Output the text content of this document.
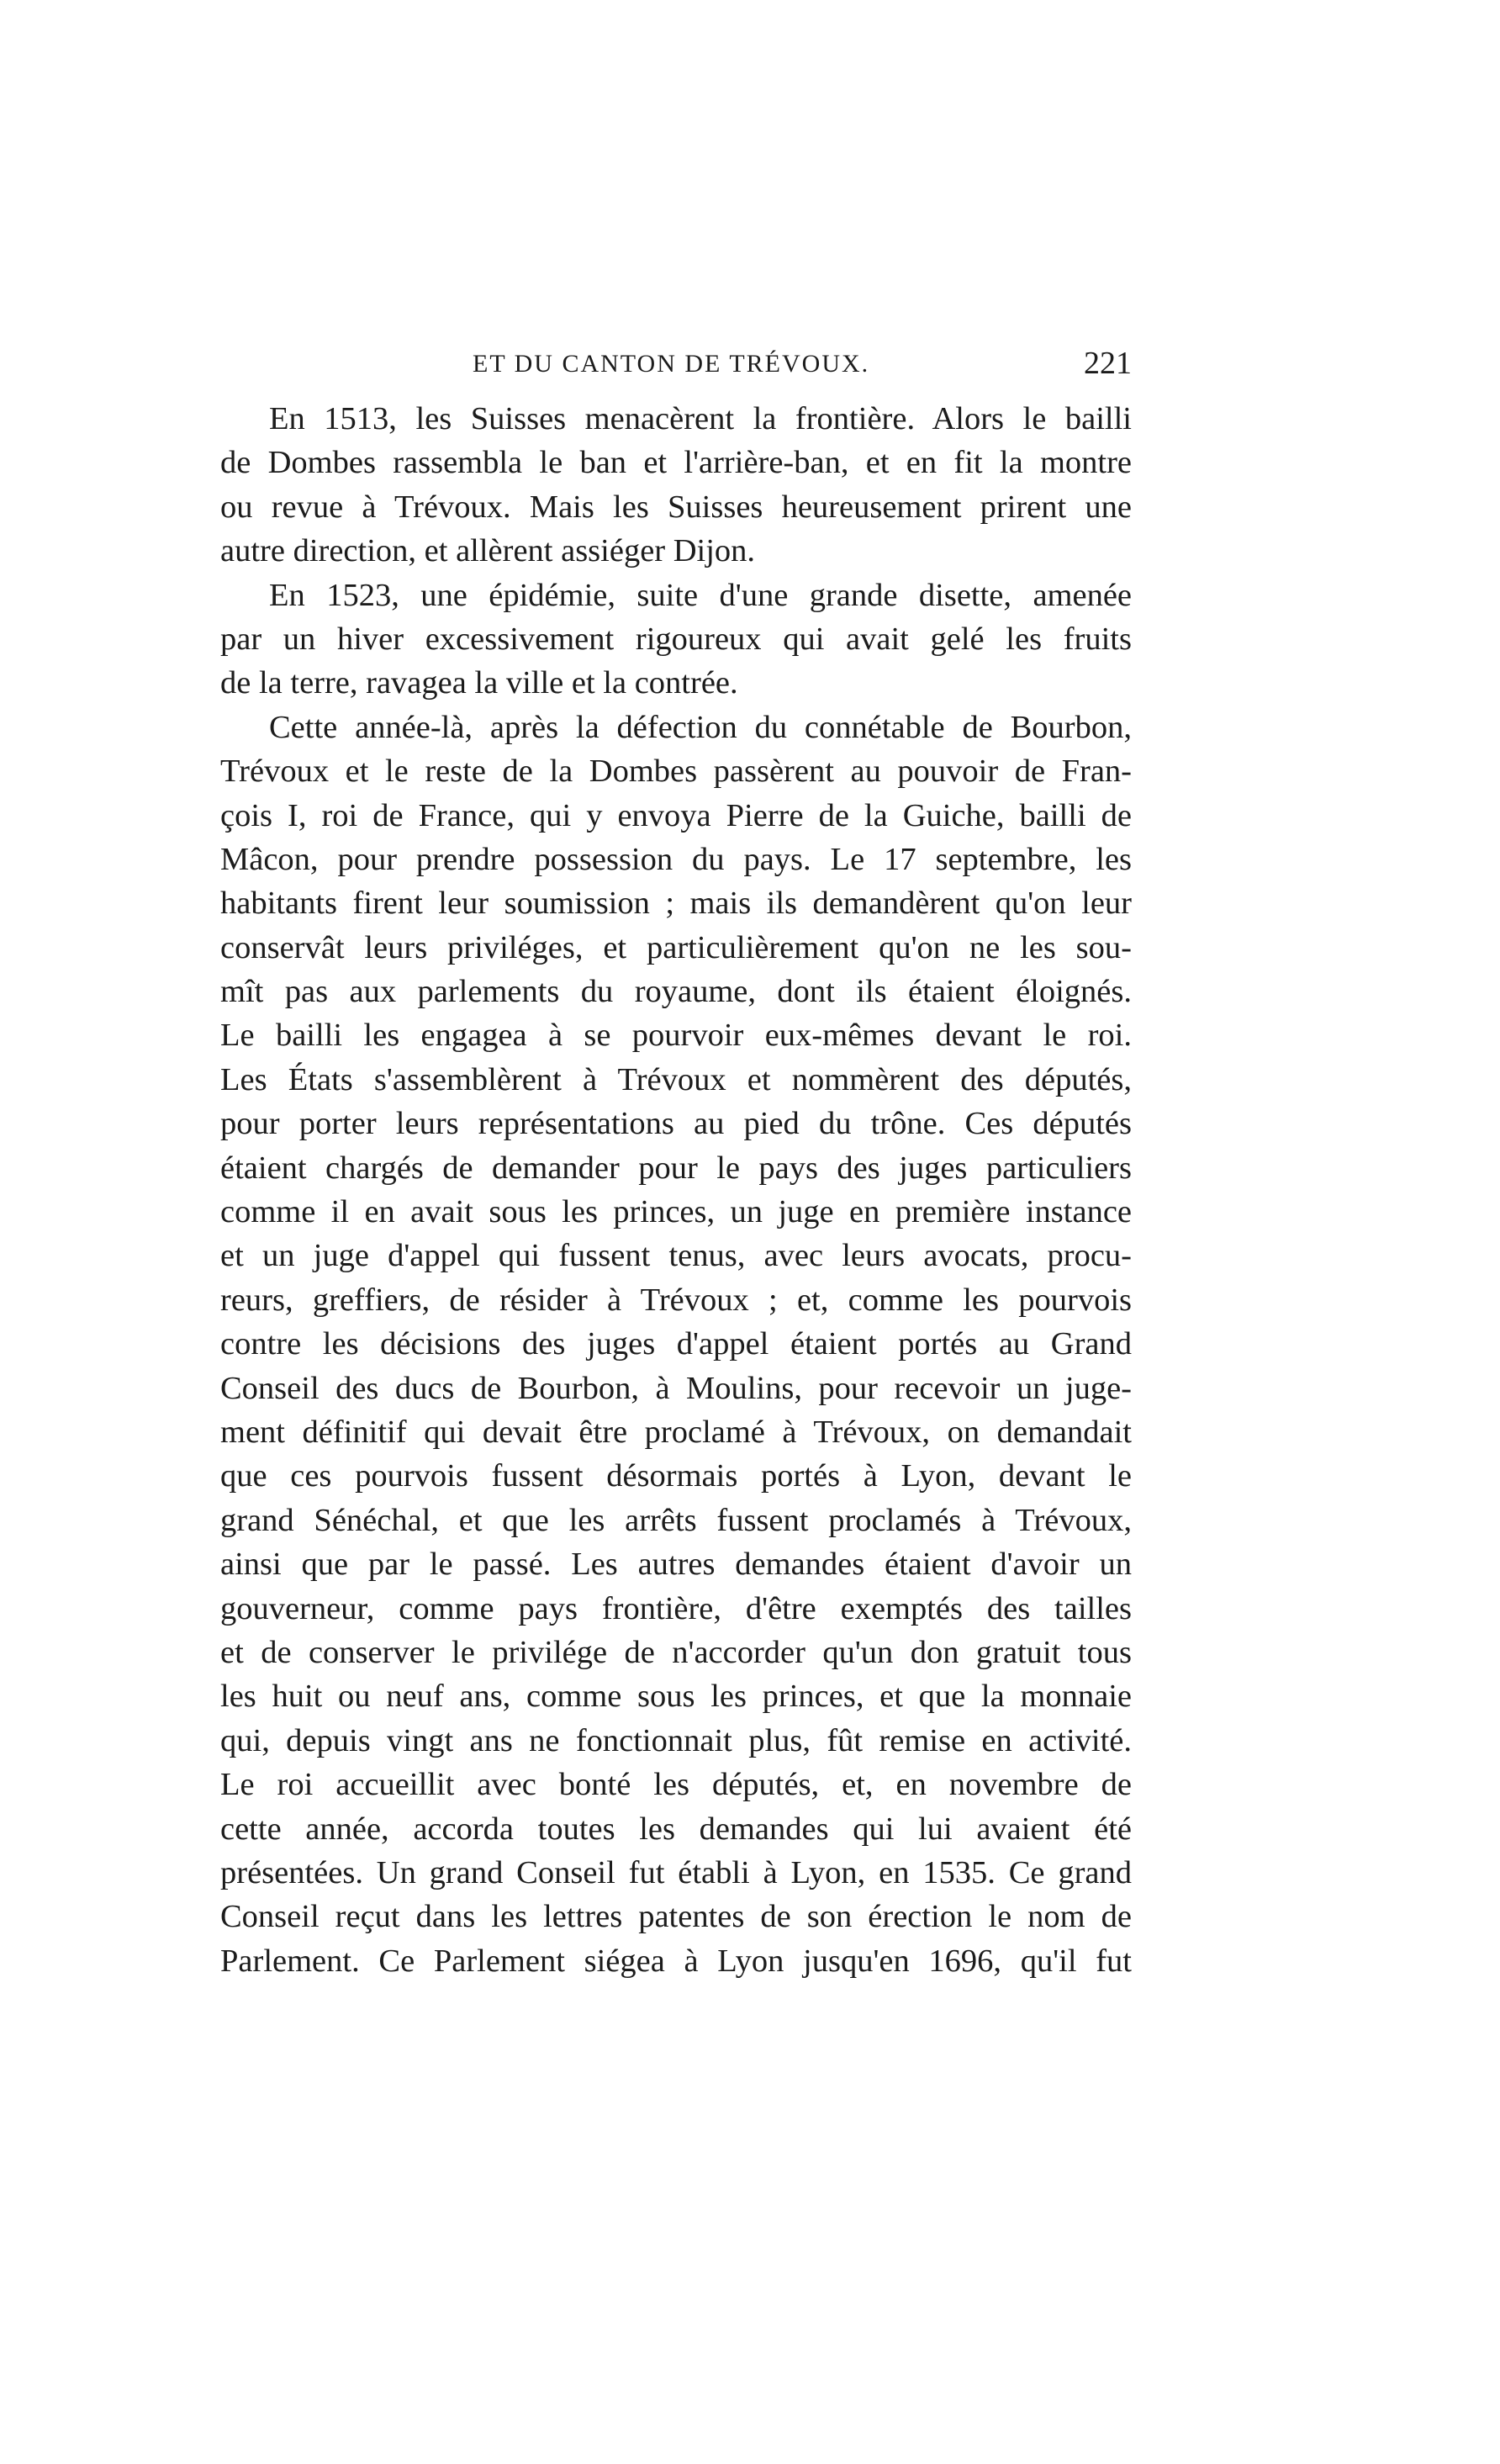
ET DU CANTON DE TRÉVOUX.	221
En 1513, les Suisses menacèrent la frontière. Alors le bailli
de Dombes rassembla le ban et l'arrière-ban, et en fit la montre
ou revue à Trévoux. Mais les Suisses heureusement prirent une
autre direction, et allèrent assiéger Dijon.
En 1523, une épidémie, suite d'une grande disette, amenée
par un hiver excessivement rigoureux qui avait gelé les fruits
de la terre, ravagea la ville et la contrée.
Cette année-là, après la défection du connétable de Bourbon,
Trévoux et le reste de la Dombes passèrent au pouvoir de Fran-
çois I, roi de France, qui y envoya Pierre de la Guiche, bailli de
Mâcon, pour prendre possession du pays. Le 17 septembre, les
habitants firent leur soumission ; mais ils demandèrent qu'on leur
conservât leurs priviléges, et particulièrement qu'on ne les sou-
mît pas aux parlements du royaume, dont ils étaient éloignés.
Le bailli les engagea à se pourvoir eux-mêmes devant le roi.
Les États s'assemblèrent à Trévoux et nommèrent des députés,
pour porter leurs représentations au pied du trône. Ces députés
étaient chargés de demander pour le pays des juges particuliers
comme il en avait sous les princes, un juge en première instance
et un juge d'appel qui fussent tenus, avec leurs avocats, procu-
reurs, greffiers, de résider à Trévoux ; et, comme les pourvois
contre les décisions des juges d'appel étaient portés au Grand
Conseil des ducs de Bourbon, à Moulins, pour recevoir un juge-
ment définitif qui devait être proclamé à Trévoux, on demandait
que ces pourvois fussent désormais portés à Lyon, devant le
grand Sénéchal, et que les arrêts fussent proclamés à Trévoux,
ainsi que par le passé. Les autres demandes étaient d'avoir un
gouverneur, comme pays frontière, d'être exemptés des tailles
et de conserver le privilége de n'accorder qu'un don gratuit tous
les huit ou neuf ans, comme sous les princes, et que la monnaie
qui, depuis vingt ans ne fonctionnait plus, fût remise en activité.
Le roi accueillit avec bonté les députés, et, en novembre de
cette année, accorda toutes les demandes qui lui avaient été
présentées. Un grand Conseil fut établi à Lyon, en 1535. Ce grand
Conseil reçut dans les lettres patentes de son érection le nom de
Parlement. Ce Parlement siégea à Lyon jusqu'en 1696, qu'il fut
